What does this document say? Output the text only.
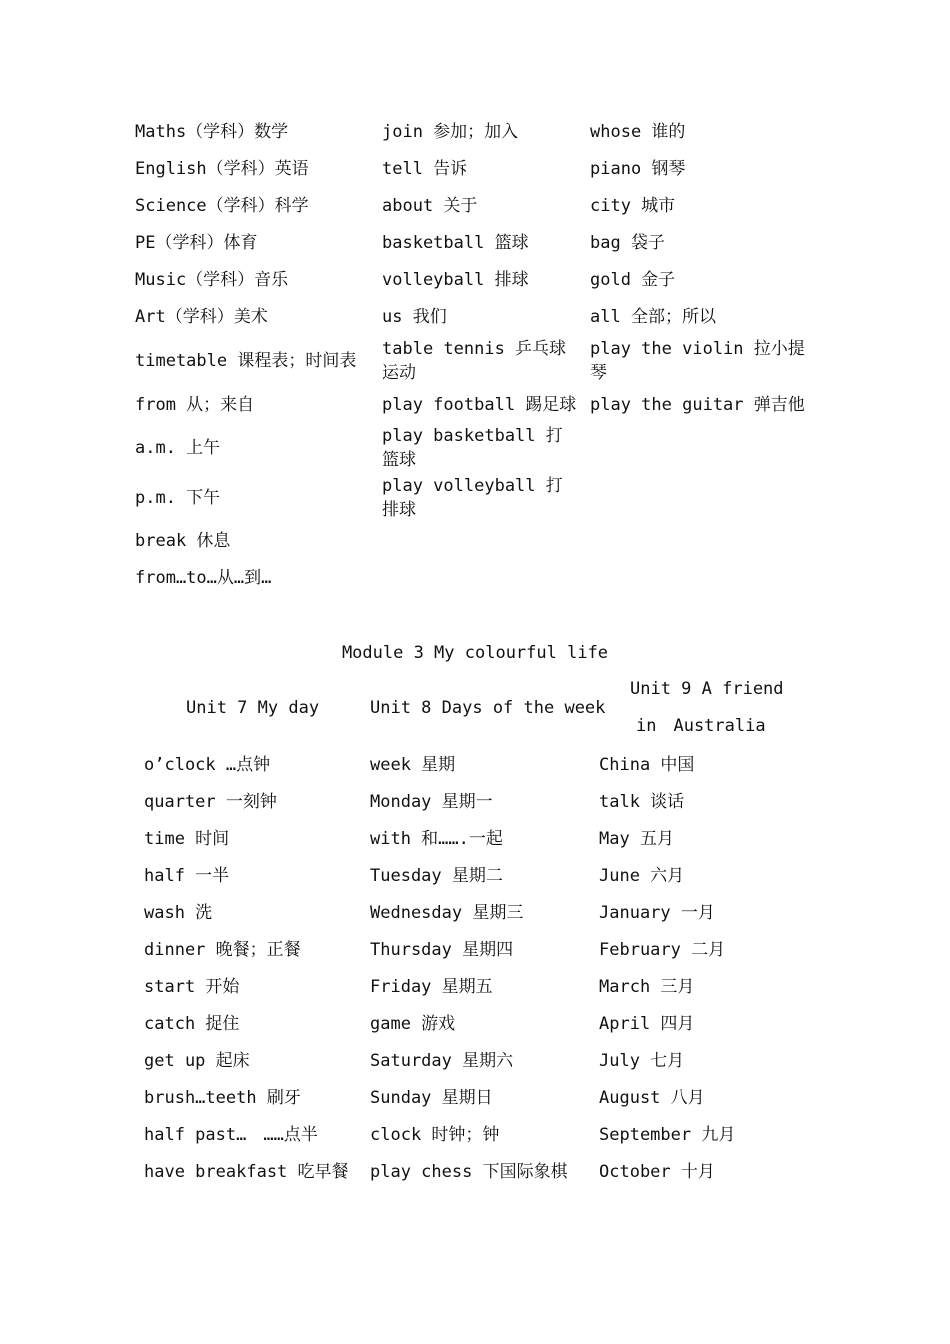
Maths（学科）数学
English（学科）英语
Science（学科）科学
PE（学科）体育
Music（学科）音乐
Art（学科）美术
timetable 课程表；时间表
from 从；来自
a.m. 上午
p.m. 下午
break 休息
from…to…从…到…
join 参加；加入
tell 告诉
about 关于
basketball 篮球
volleyball 排球
us 我们
table tennis 乒乓球运动
play football 踢足球
play basketball 打篮球
play volleyball 打排球
whose 谁的
piano 钢琴
city 城市
bag 袋子
gold 金子
all 全部；所以
play the violin 拉小提琴
play the guitar 弹吉他
Module 3 My colourful life
Unit 7 My day	Unit 8 Days of the week
Unit 9 A friend
in　Australia
o’clock …点钟
quarter 一刻钟
time 时间
half 一半
wash 洗
dinner 晚餐；正餐
start 开始
catch 捉住
get up 起床
brush…teeth 刷牙
half past…　……点半
have breakfast 吃早餐
week 星期
Monday 星期一
with 和…….一起
Tuesday 星期二
Wednesday 星期三
Thursday 星期四
Friday 星期五
game 游戏
Saturday 星期六
Sunday 星期日
clock 时钟；钟
play chess 下国际象棋
China 中国
talk 谈话
May 五月
June 六月
January 一月
February 二月
March 三月
April 四月
July 七月
August 八月
September 九月
October 十月
